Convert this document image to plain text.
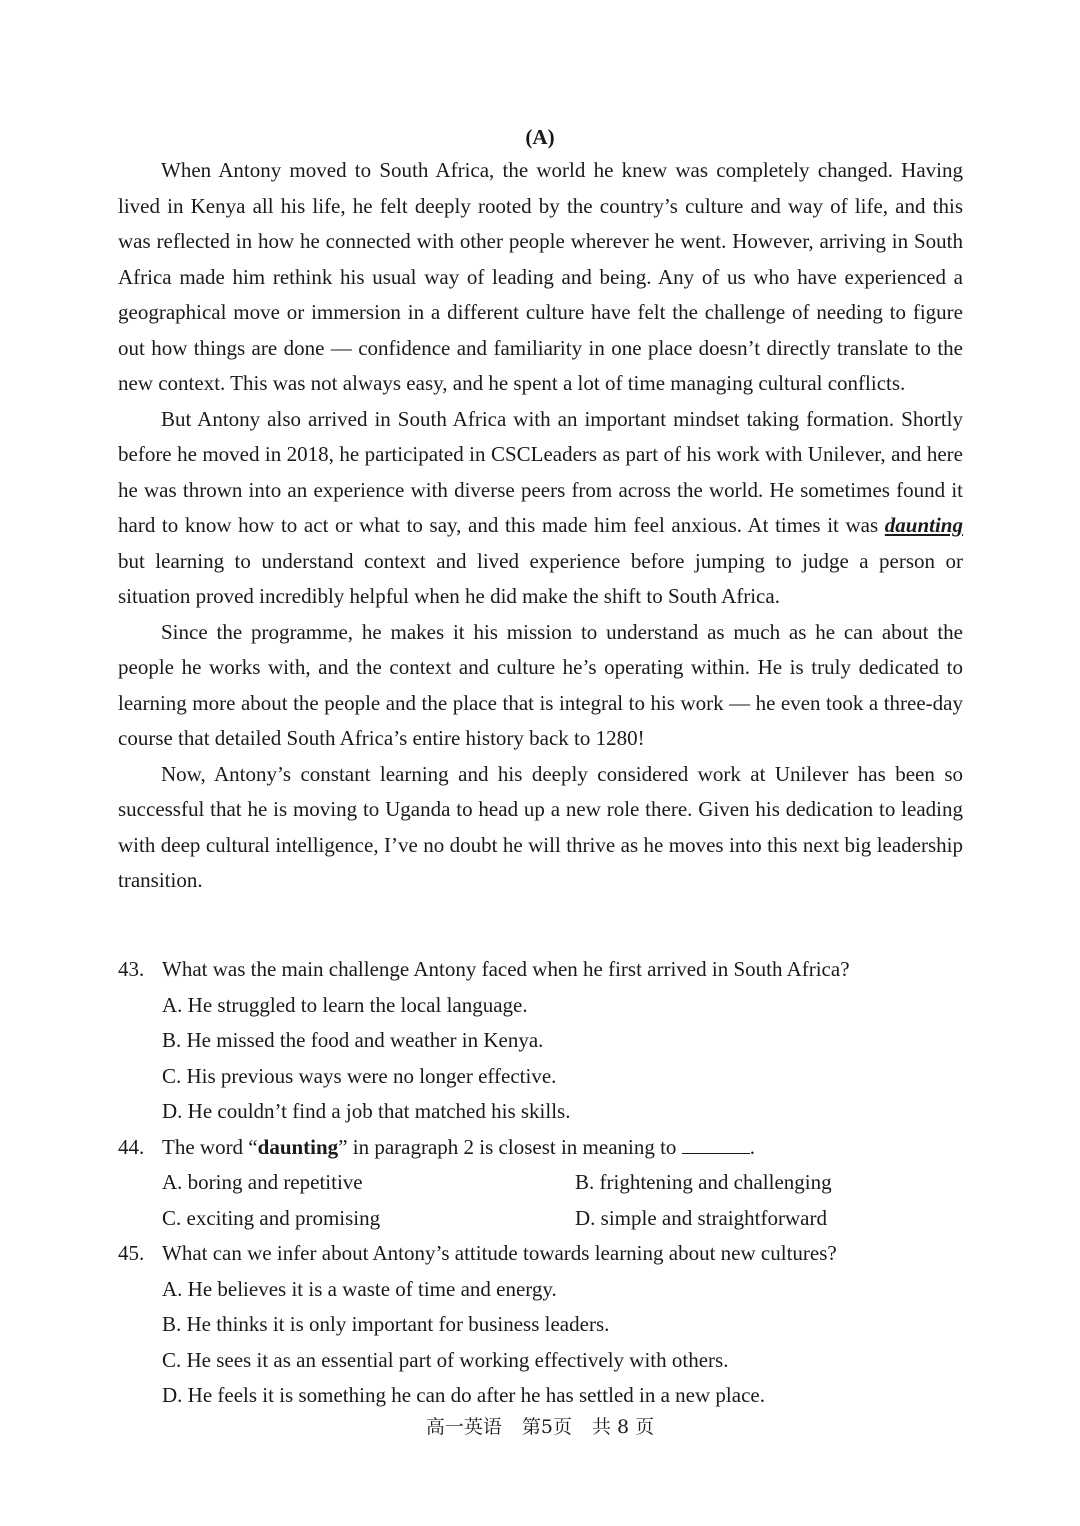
(A)

When Antony moved to South Africa, the world he knew was completely changed. Having lived in Kenya all his life, he felt deeply rooted by the country’s culture and way of life, and this was reflected in how he connected with other people wherever he went. However, arriving in South Africa made him rethink his usual way of leading and being. Any of us who have experienced a geographical move or immersion in a different culture have felt the challenge of needing to figure out how things are done — confidence and familiarity in one place doesn’t directly translate to the new context. This was not always easy, and he spent a lot of time managing cultural conflicts.

But Antony also arrived in South Africa with an important mindset taking formation. Shortly before he moved in 2018, he participated in CSCLeaders as part of his work with Unilever, and here he was thrown into an experience with diverse peers from across the world. He sometimes found it hard to know how to act or what to say, and this made him feel anxious. At times it was daunting but learning to understand context and lived experience before jumping to judge a person or situation proved incredibly helpful when he did make the shift to South Africa.

Since the programme, he makes it his mission to understand as much as he can about the people he works with, and the context and culture he’s operating within. He is truly dedicated to learning more about the people and the place that is integral to his work — he even took a three-day course that detailed South Africa’s entire history back to 1280!

Now, Antony’s constant learning and his deeply considered work at Unilever has been so successful that he is moving to Uganda to head up a new role there. Given his dedication to leading with deep cultural intelligence, I’ve no doubt he will thrive as he moves into this next big leadership transition.

43. What was the main challenge Antony faced when he first arrived in South Africa?
A. He struggled to learn the local language.
B. He missed the food and weather in Kenya.
C. His previous ways were no longer effective.
D. He couldn’t find a job that matched his skills.
44. The word “daunting” in paragraph 2 is closest in meaning to	.
A. boring and repetitive	B. frightening and challenging
C. exciting and promising	D. simple and straightforward
45. What can we infer about Antony’s attitude towards learning about new cultures?
A. He believes it is a waste of time and energy.
B. He thinks it is only important for business leaders.
C. He sees it as an essential part of working effectively with others.
D. He feels it is something he can do after he has settled in a new place.
高一英语 第5页 共 8 页
